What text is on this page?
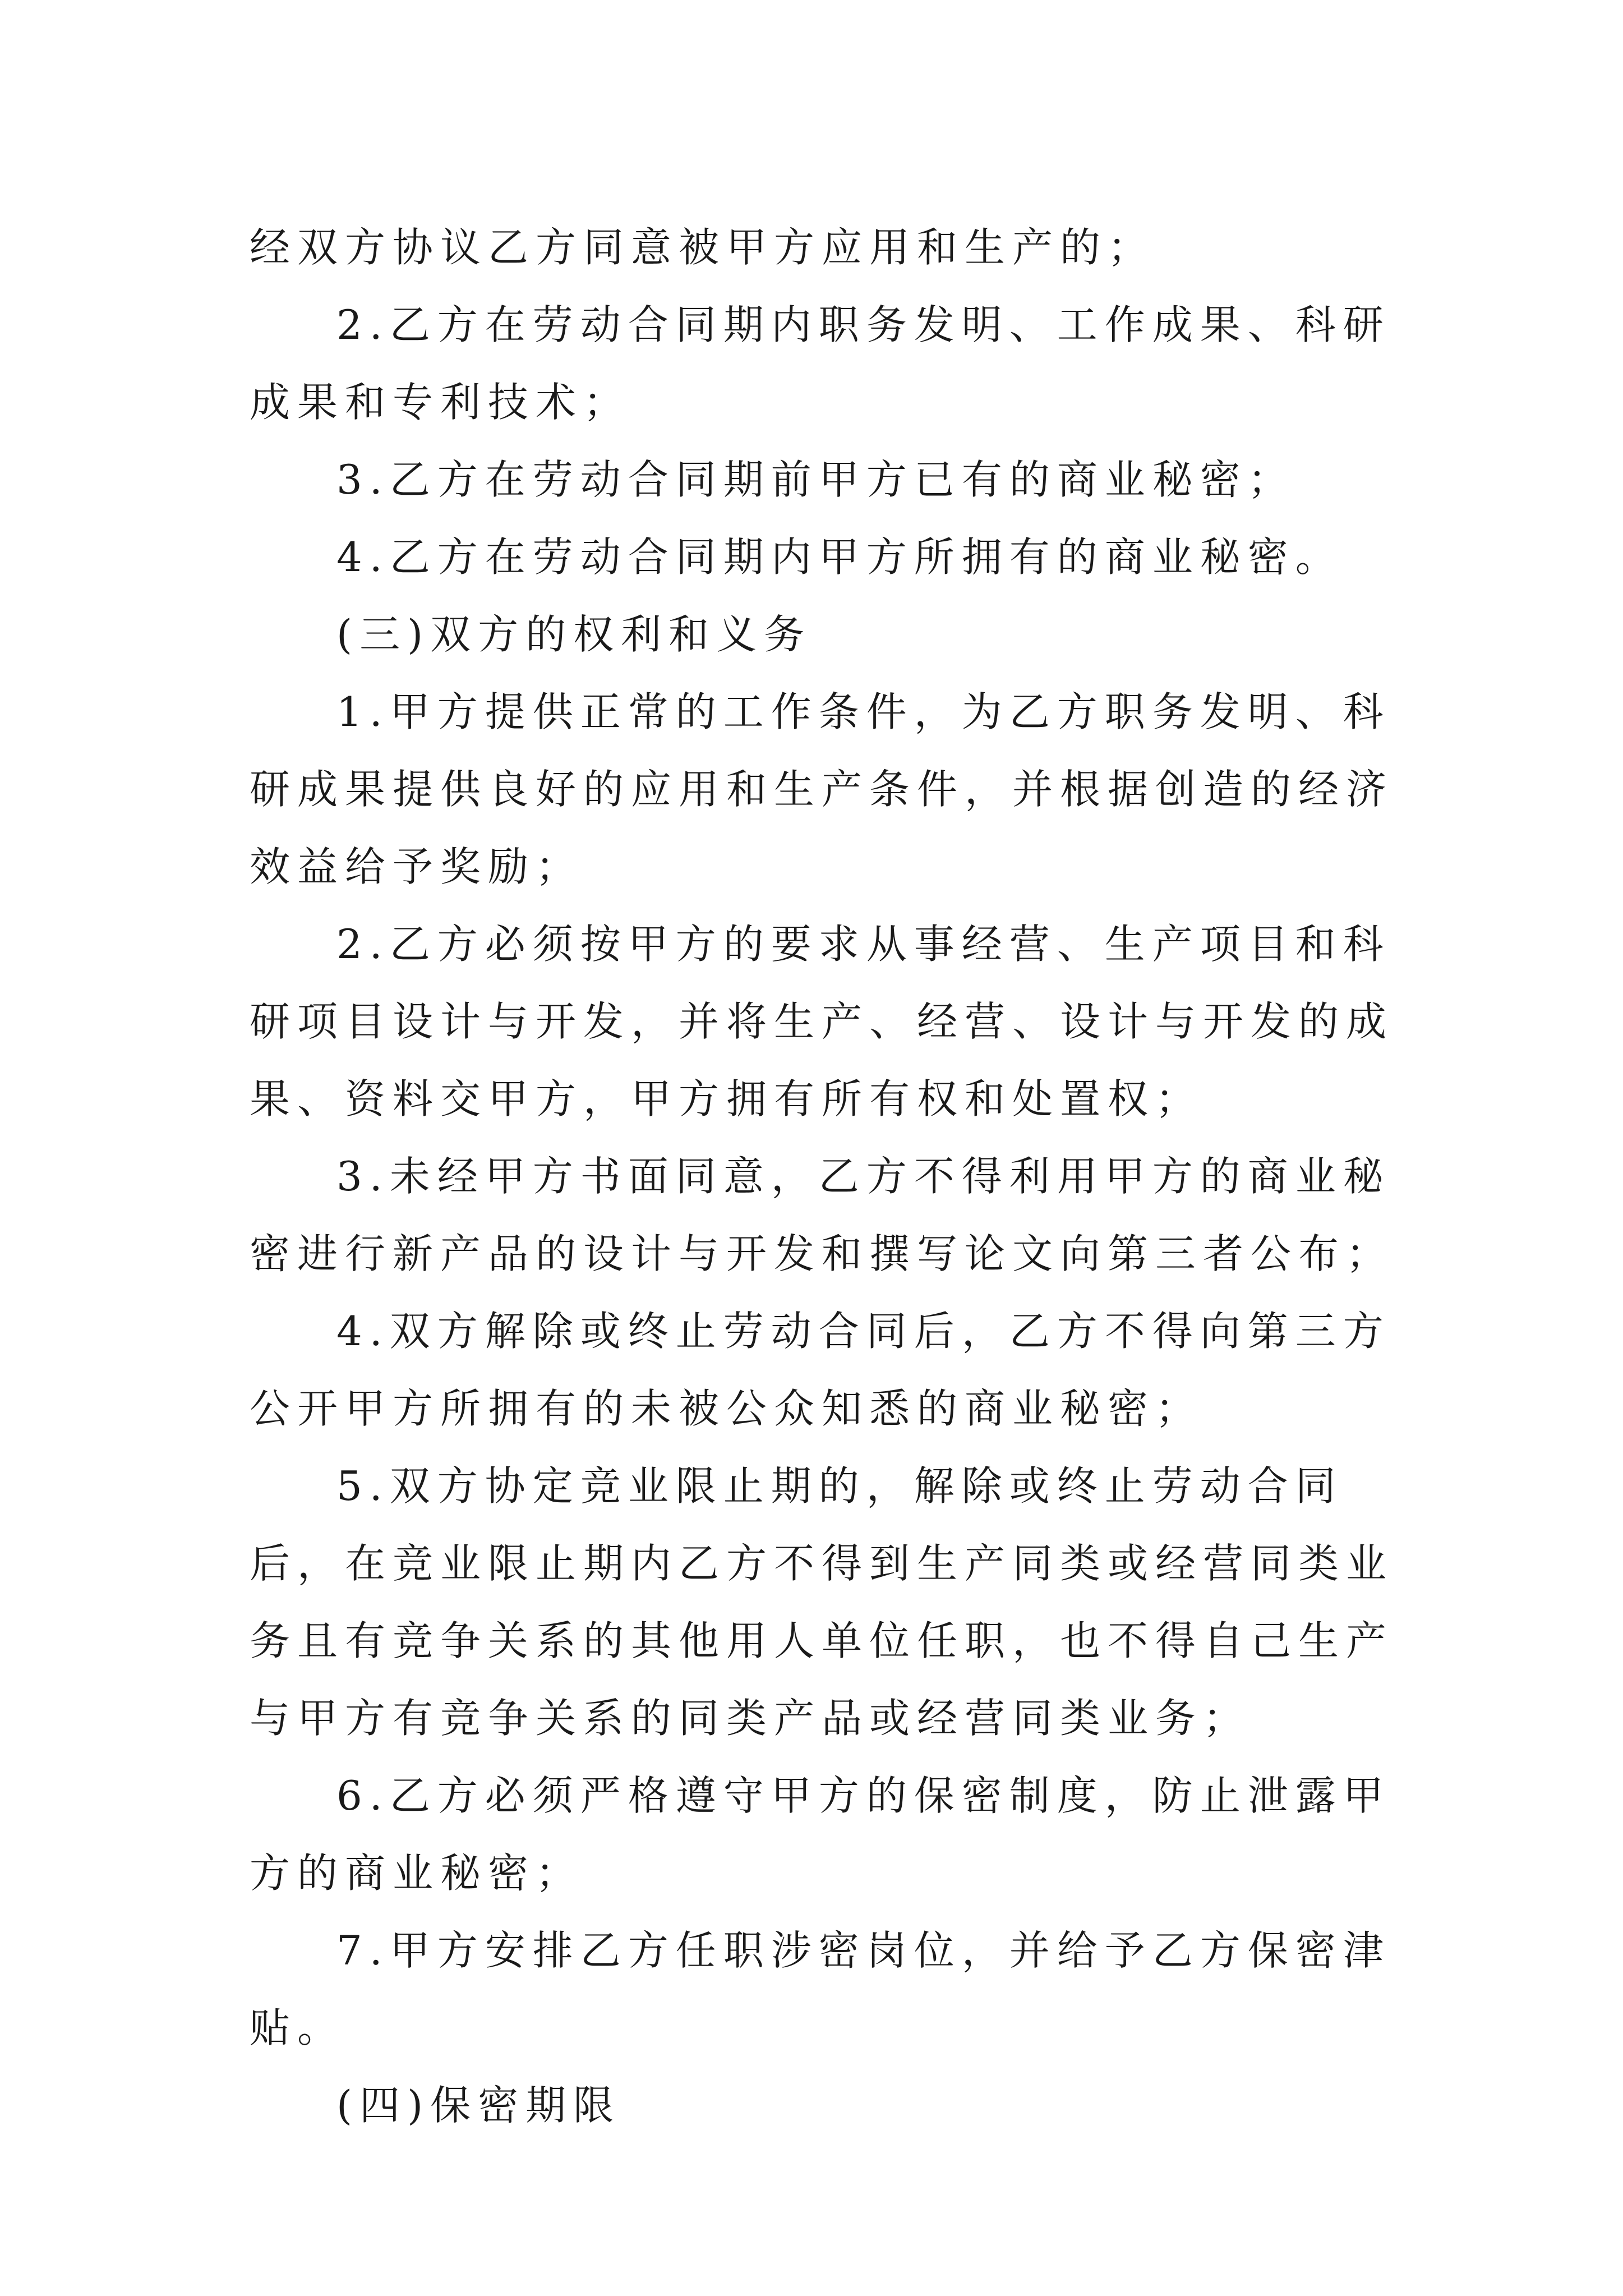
经双方协议乙方同意被甲方应用和生产的；

2.乙方在劳动合同期内职务发明、工作成果、科研成果和专利技术；

3.乙方在劳动合同期前甲方已有的商业秘密；

4.乙方在劳动合同期内甲方所拥有的商业秘密。

(三)双方的权利和义务

1.甲方提供正常的工作条件，为乙方职务发明、科研成果提供良好的应用和生产条件，并根据创造的经济效益给予奖励；

2.乙方必须按甲方的要求从事经营、生产项目和科研项目设计与开发，并将生产、经营、设计与开发的成果、资料交甲方，甲方拥有所有权和处置权；

3.未经甲方书面同意，乙方不得利用甲方的商业秘密进行新产品的设计与开发和撰写论文向第三者公布；

4.双方解除或终止劳动合同后，乙方不得向第三方公开甲方所拥有的未被公众知悉的商业秘密；

5.双方协定竞业限止期的，解除或终止劳动合同后，在竞业限止期内乙方不得到生产同类或经营同类业务且有竞争关系的其他用人单位任职，也不得自己生产与甲方有竞争关系的同类产品或经营同类业务；

6.乙方必须严格遵守甲方的保密制度，防止泄露甲方的商业秘密；

7.甲方安排乙方任职涉密岗位，并给予乙方保密津贴。

(四)保密期限
